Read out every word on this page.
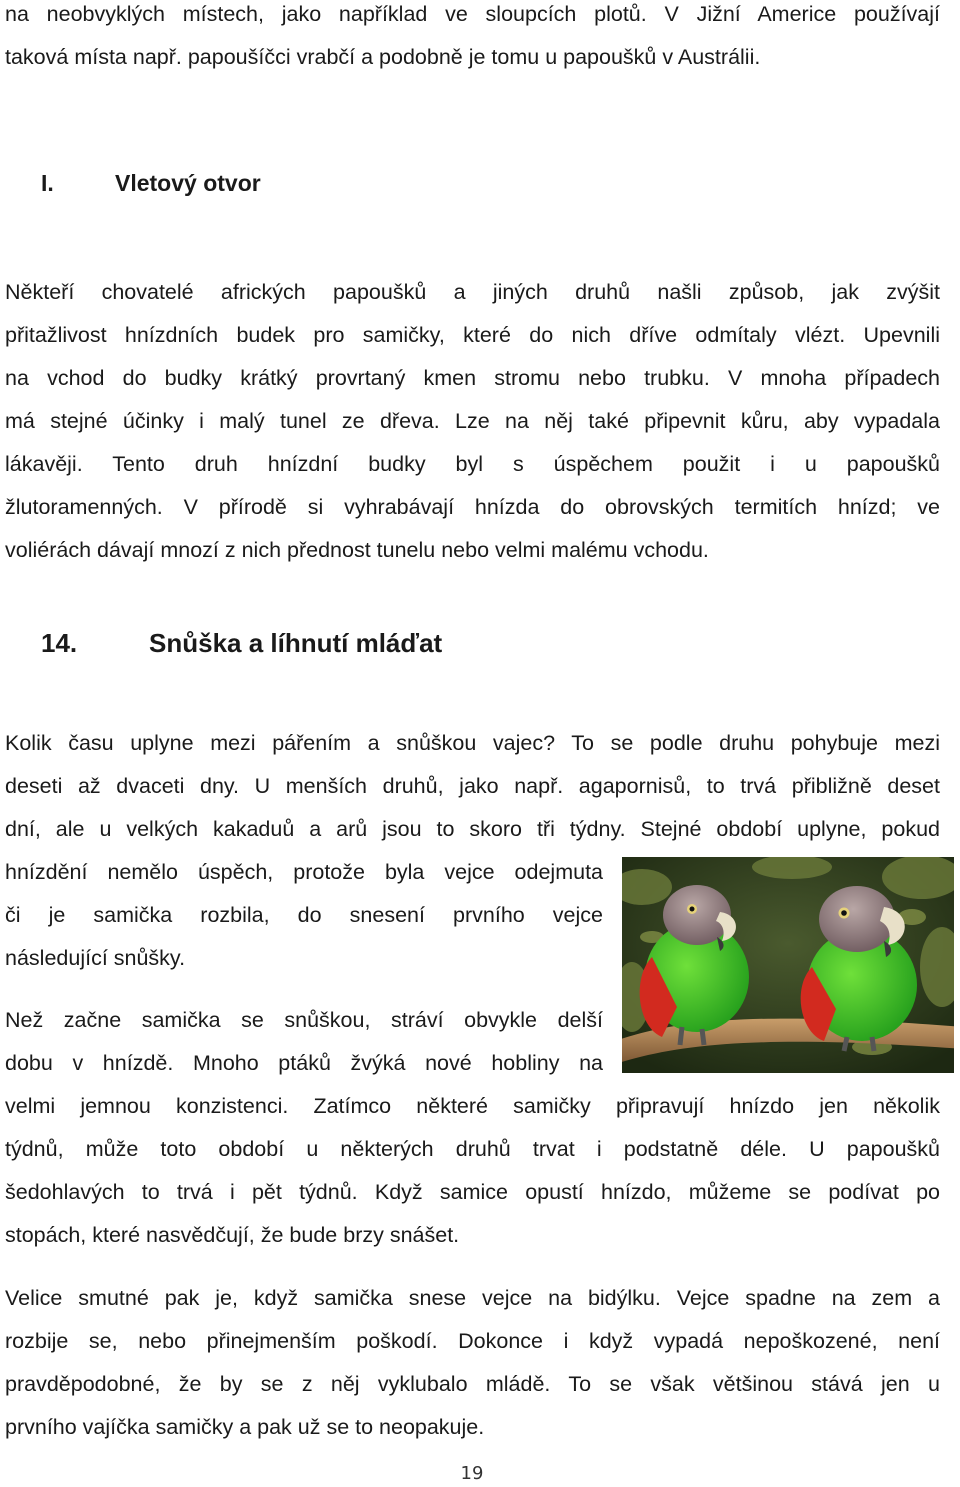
na neobvyklých místech, jako například ve sloupcích plotů. V Jižní Americe používají
taková místa např. papoušíčci vrabčí a podobně je tomu u papoušků v Austrálii.
I.	Vletový otvor
Někteří chovatelé afrických papoušků a jiných druhů našli způsob, jak zvýšit
přitažlivost hnízdních budek pro samičky, které do nich dříve odmítaly vlézt. Upevnili
na vchod do budky krátký provrtaný kmen stromu nebo trubku. V mnoha případech
má stejné účinky i malý tunel ze dřeva. Lze na něj také připevnit kůru, aby vypadala
lákavěji. Tento druh hnízdní budky byl s úspěchem použit i u papoušků
žlutoramenných. V přírodě si vyhrabávají hnízda do obrovských termitích hnízd; ve
voliérách dávají mnozí z nich přednost tunelu nebo velmi malému vchodu.
14.	Snůška a líhnutí mláďat
Kolik času uplyne mezi pářením a snůškou vajec? To se podle druhu pohybuje mezi
deseti až dvaceti dny. U menších druhů, jako např. agapornisů, to trvá přibližně deset
dní, ale u velkých kakaduů a arů jsou to skoro tři týdny. Stejné období uplyne, pokud
hnízdění nemělo úspěch, protože byla vejce odejmuta
či je samička rozbila, do snesení prvního vejce
následující snůšky.
Než začne samička se snůškou, stráví obvykle delší
dobu v hnízdě. Mnoho ptáků žvýká nové hobliny na
velmi jemnou konzistenci. Zatímco některé samičky připravují hnízdo jen několik
týdnů, může toto období u některých druhů trvat i podstatně déle. U papoušků
šedohlavých to trvá i pět týdnů. Když samice opustí hnízdo, můžeme se podívat po
stopách, které nasvědčují, že bude brzy snášet.
Velice smutné pak je, když samička snese vejce na bidýlku. Vejce spadne na zem a
rozbije se, nebo přinejmenším poškodí. Dokonce i když vypadá nepoškozené, není
pravděpodobné, že by se z něj vyklubalo mládě. To se však většinou stává jen u
prvního vajíčka samičky a pak už se to neopakuje.
19
